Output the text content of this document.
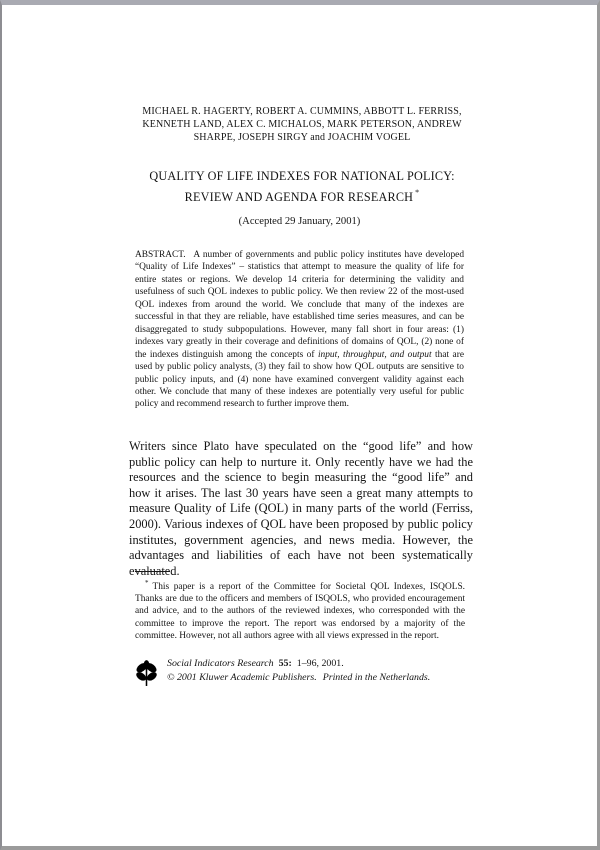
MICHAEL R. HAGERTY, ROBERT A. CUMMINS, ABBOTT L. FERRISS,
KENNETH LAND, ALEX C. MICHALOS, MARK PETERSON, ANDREW
SHARPE, JOSEPH SIRGY and JOACHIM VOGEL
QUALITY OF LIFE INDEXES FOR NATIONAL POLICY:
REVIEW AND AGENDA FOR RESEARCH *
(Accepted 29 January, 2001)

ABSTRACT. A number of governments and public policy institutes have developed “Quality of Life Indexes” – statistics that attempt to measure the quality of life for entire states or regions. We develop 14 criteria for determining the validity and usefulness of such QOL indexes to public policy. We then review 22 of the most-used QOL indexes from around the world. We conclude that many of the indexes are successful in that they are reliable, have established time series measures, and can be disaggregated to study subpopulations. However, many fall short in four areas: (1) indexes vary greatly in their coverage and definitions of domains of QOL, (2) none of the indexes distinguish among the concepts of input, throughput, and output that are used by public policy analysts, (3) they fail to show how QOL outputs are sensitive to public policy inputs, and (4) none have examined convergent validity against each other. We conclude that many of these indexes are potentially very useful for public policy and recommend research to further improve them.

Writers since Plato have speculated on the “good life” and how public policy can help to nurture it. Only recently have we had the resources and the science to begin measuring the “good life” and how it arises. The last 30 years have seen a great many attempts to measure Quality of Life (QOL) in many parts of the world (Ferriss, 2000). Various indexes of QOL have been proposed by public policy institutes, government agencies, and news media. However, the advantages and liabilities of each have not been systematically evaluated.

* This paper is a report of the Committee for Societal QOL Indexes, ISQOLS. Thanks are due to the officers and members of ISQOLS, who provided encouragement and advice, and to the authors of the reviewed indexes, who corresponded with the committee to improve the report. The report was endorsed by a majority of the committee. However, not all authors agree with all views expressed in the report.

Social Indicators Research 55: 1–96, 2001.
© 2001 Kluwer Academic Publishers. Printed in the Netherlands.
